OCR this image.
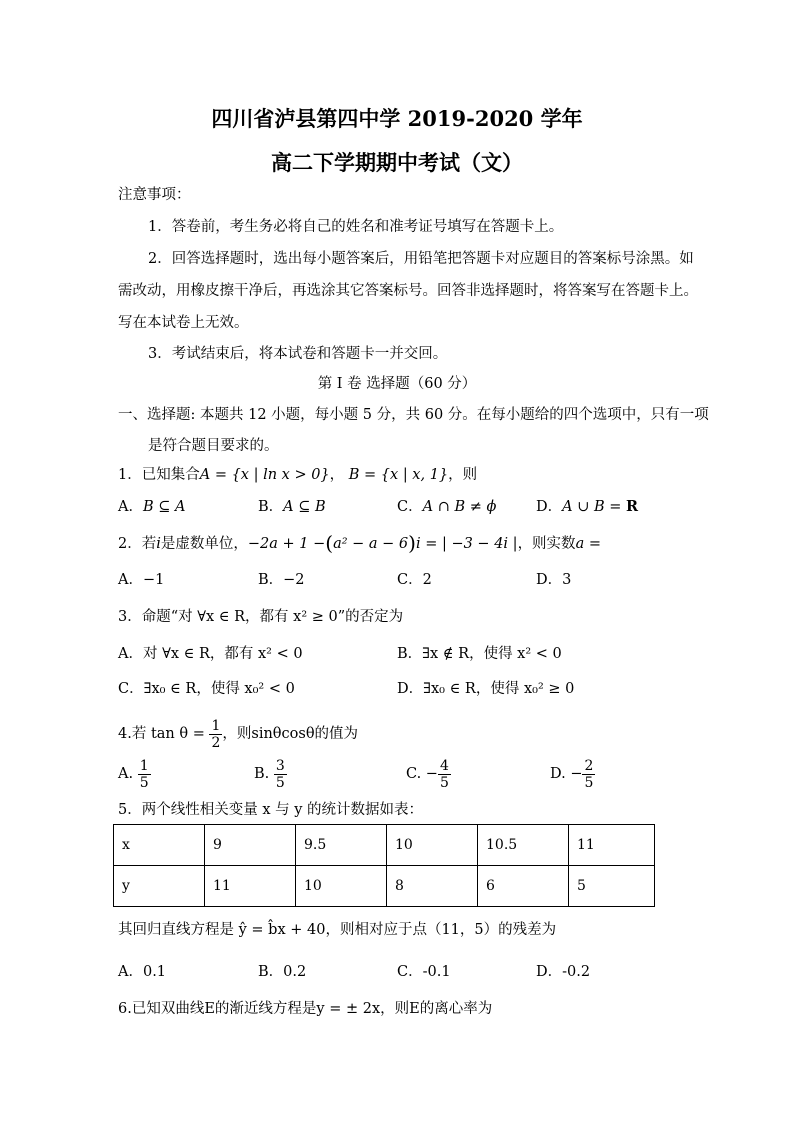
四川省泸县第四中学 2019-2020 学年
高二下学期期中考试（文）
注意事项：
1．答卷前，考生务必将自己的姓名和准考证号填写在答题卡上。
2．回答选择题时，选出每小题答案后，用铅笔把答题卡对应题目的答案标号涂黑。如
需改动，用橡皮擦干净后，再选涂其它答案标号。回答非选择题时，将答案写在答题卡上。
写在本试卷上无效。
3．考试结束后，将本试卷和答题卡一并交回。
第 I 卷 选择题（60 分）
一、选择题: 本题共 12 小题，每小题 5 分，共 60 分。在每小题给的四个选项中，只有一项
是符合题目要求的。
1．已知集合A = {x | ln x > 0}， B = {x | x, 1}，则
A．B ⊆ A	B．A ⊆ B	C．A ∩ B ≠ ϕ	D．A ∪ B = R
2．若i是虚数单位，−2a + 1 −(a² − a − 6)i = | −3 − 4i |，则实数a =
A．−1	B．−2	C．2	D．3
3．命题“对 ∀x ∈ R，都有 x² ≥ 0”的否定为
A．对 ∀x ∈ R，都有 x² < 0	B．∃x ∉ R，使得 x² < 0
C．∃x₀ ∈ R，使得 x₀² < 0	D．∃x₀ ∈ R，使得 x₀² ≥ 0
4.若 $\tan \theta = \frac{1}{2}$ ，则sinθcosθ的值为
A. $\frac{1}{5}$	B. $\frac{3}{5}$	C. − $\frac{4}{5}$	D. − $\frac{2}{5}$
5．两个线性相关变量 x 与 y 的统计数据如表：
x	9	9.5	10	10.5	11
y	11	10	8	6	5
其回归直线方程是 ŷ = b̂x + 40，则相对应于点（11，5）的残差为
A．0.1	B．0.2	C．-0.1	D．-0.2
6.已知双曲线E的渐近线方程是y = ± 2x，则E的离心率为
